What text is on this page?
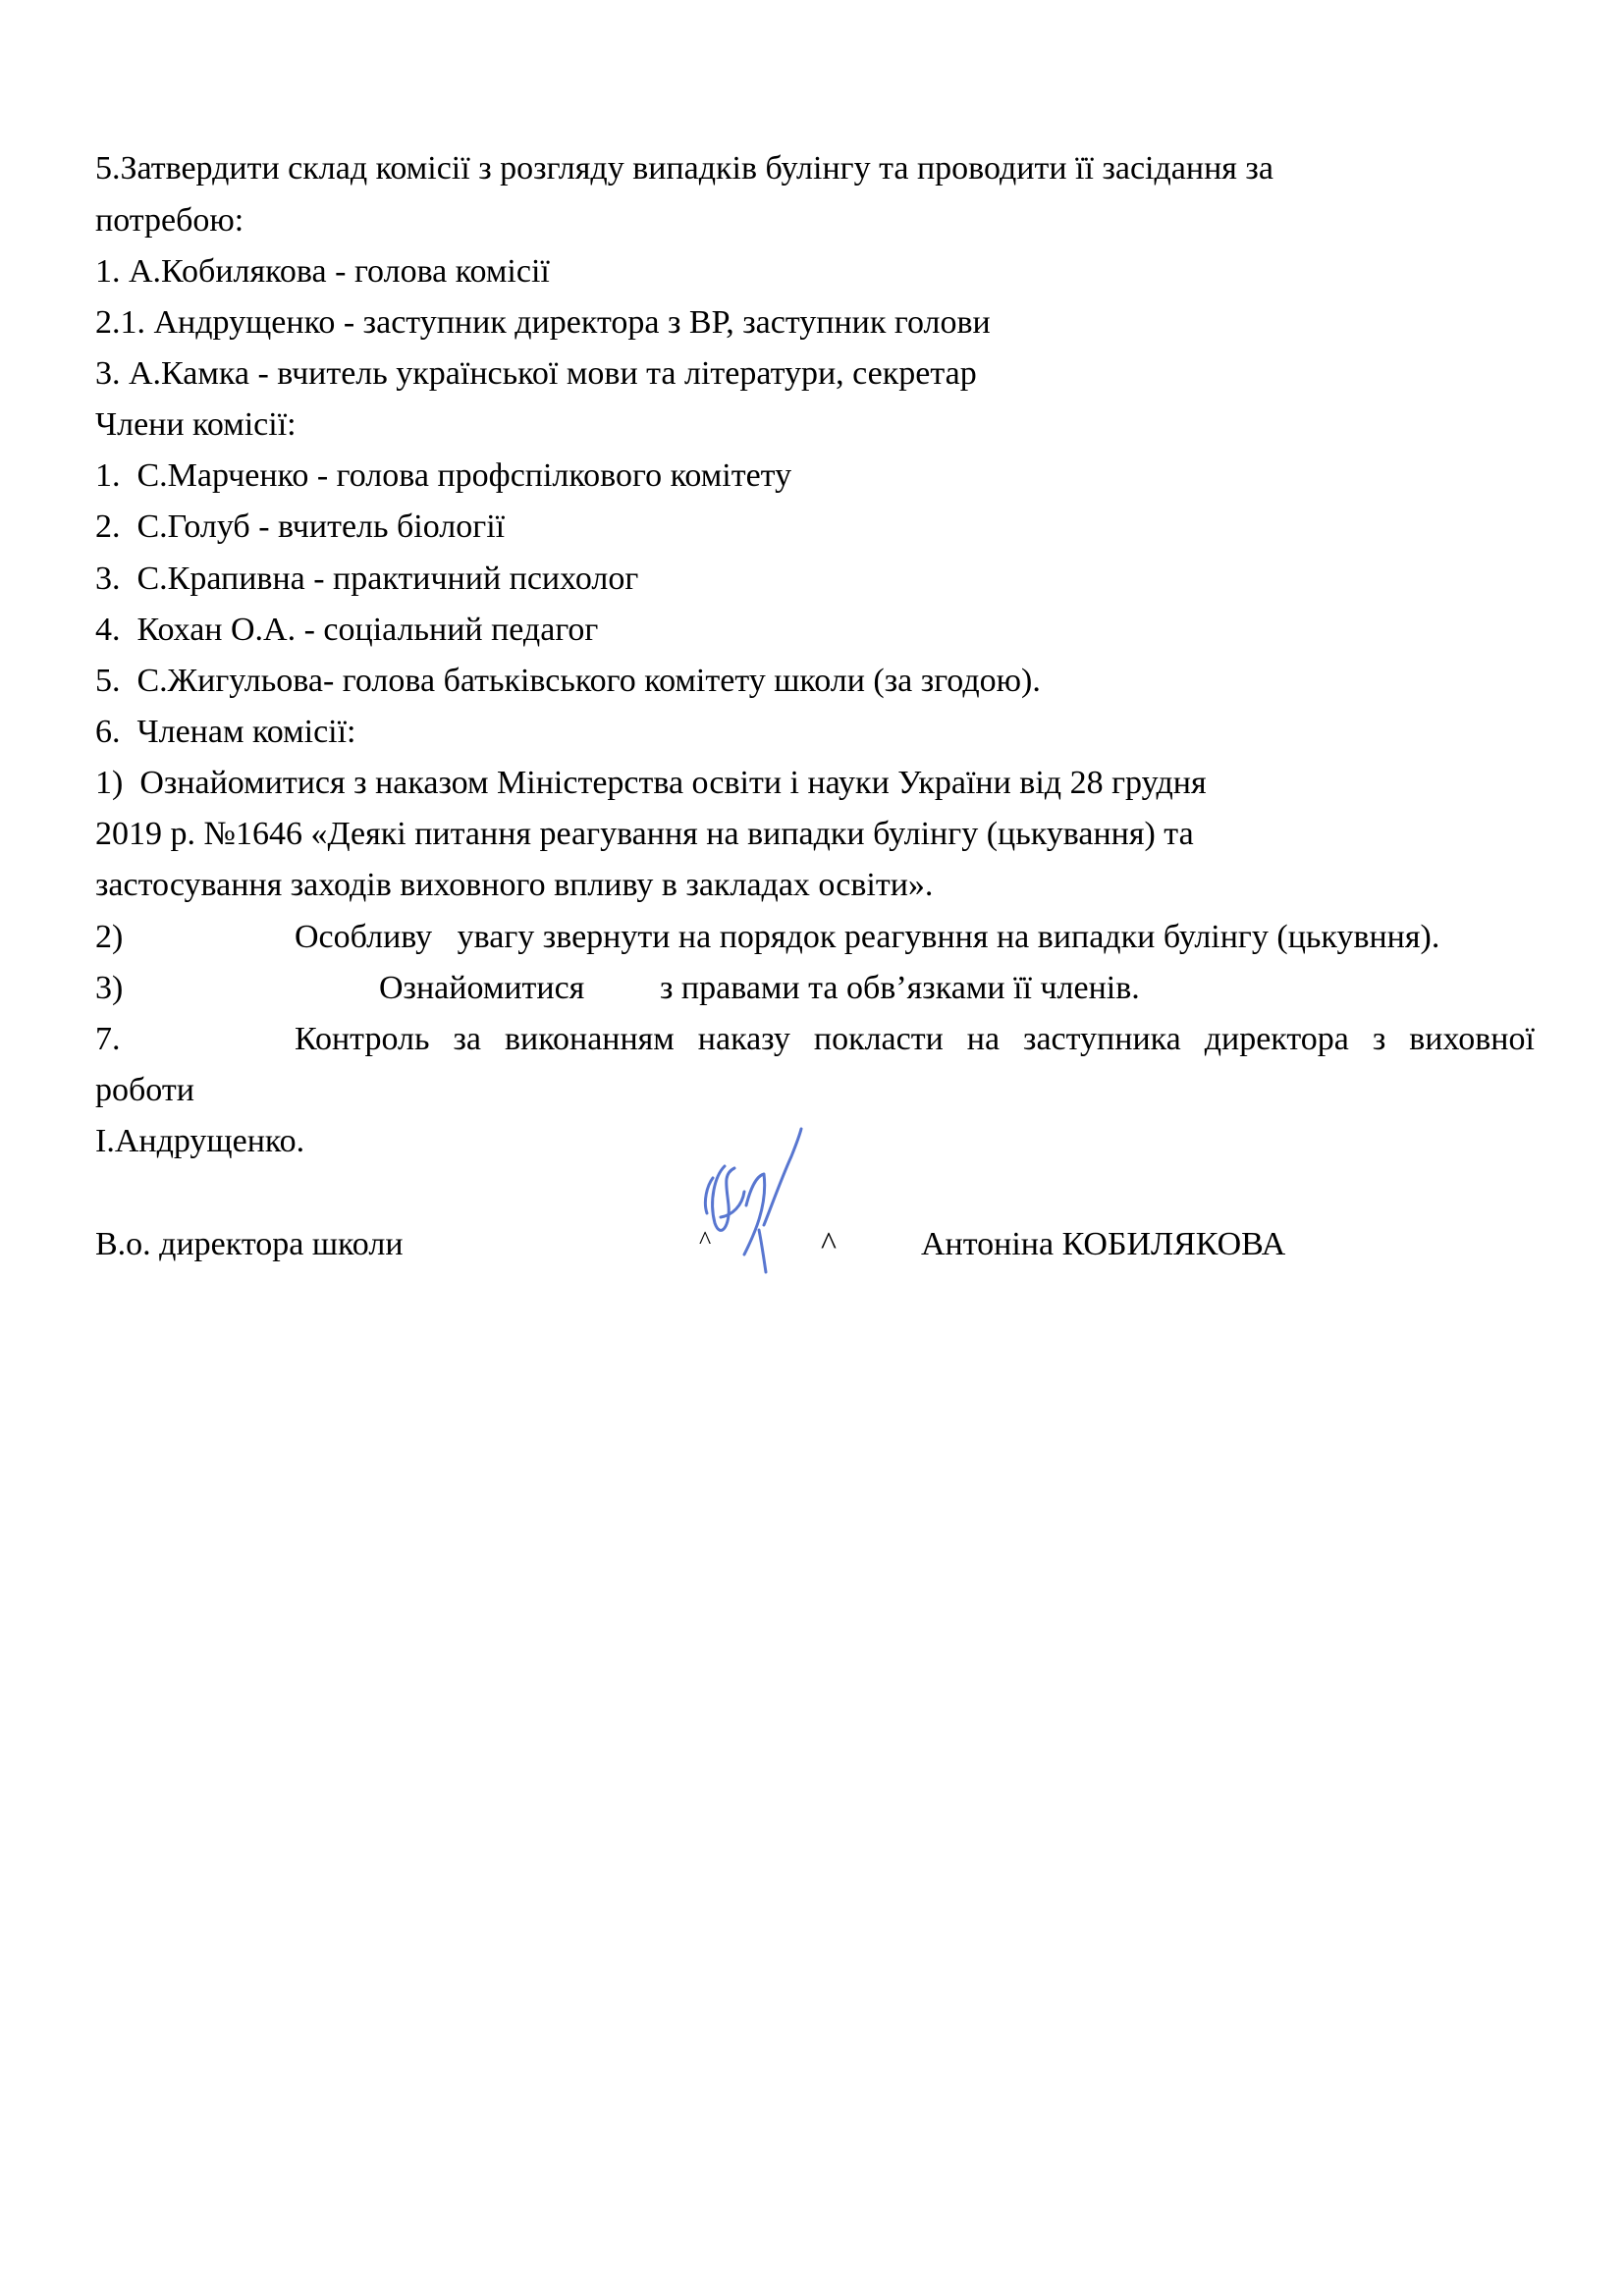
5.Затвердити склад комісії з розгляду випадків булінгу та проводити її засідання за
потребою:
1. А.Кобилякова - голова комісії
2.1. Андрущенко - заступник директора з ВР, заступник голови
3. А.Камка - вчитель української мови та літератури, секретар
Члени комісії:
1.  С.Марченко - голова профспілкового комітету
2.  С.Голуб - вчитель біології
3.  С.Крапивна - практичний психолог
4.  Кохан О.А. - соціальний педагог
5.  С.Жигульова- голова батьківського комітету школи (за згодою).
6.  Членам комісії:
1)  Ознайомитися з наказом Міністерства освіти і науки України від 28 грудня
2019 р. №1646 «Деякі питання реагування на випадки булінгу (цькування) та
застосування заходів виховного впливу в закладах освіти».
2)	Особливу   увагу звернути на порядок реагувння на випадки булінгу (цькувння).
3)	Ознайомитися з правами та обв’язками її членів.
7.	Контроль за виконанням наказу покласти на заступника директора з виховної
роботи
І.Андрущенко.
В.о. директора школи	^	^	Антоніна КОБИЛЯКОВА
